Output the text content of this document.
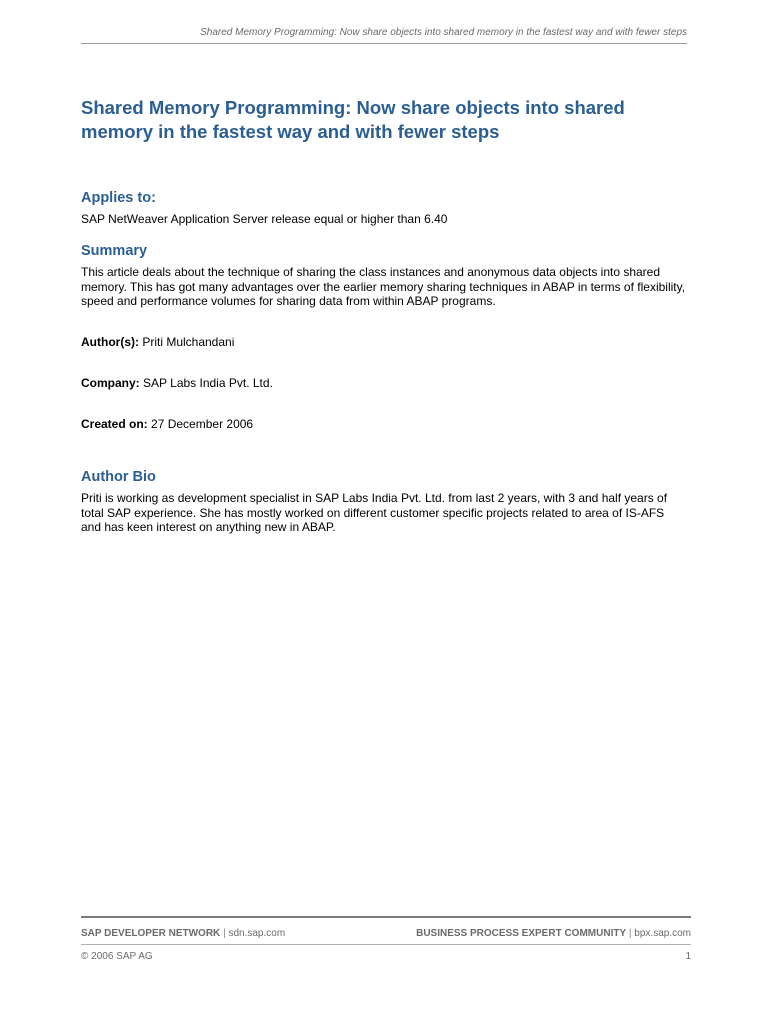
Shared Memory Programming: Now share objects into shared memory in the fastest way and with fewer steps
Shared Memory Programming: Now share objects into shared memory in the fastest way and with fewer steps
Applies to:

SAP NetWeaver Application Server release equal or higher than 6.40

Summary

This article deals about the technique of sharing the class instances and anonymous data objects into shared memory. This has got many advantages over the earlier memory sharing techniques in ABAP in terms of flexibility, speed and performance volumes for sharing data from within ABAP programs.

Author(s): Priti Mulchandani

Company: SAP Labs India Pvt. Ltd.

Created on: 27 December 2006

Author Bio

Priti is working as development specialist in SAP Labs India Pvt. Ltd. from last 2 years, with 3 and half years of total SAP experience. She has mostly worked on different customer specific projects related to area of IS-AFS and has keen interest on anything new in ABAP.

SAP DEVELOPER NETWORK | sdn.sap.com	BUSINESS PROCESS EXPERT COMMUNITY | bpx.sap.com
© 2006 SAP AG	1
